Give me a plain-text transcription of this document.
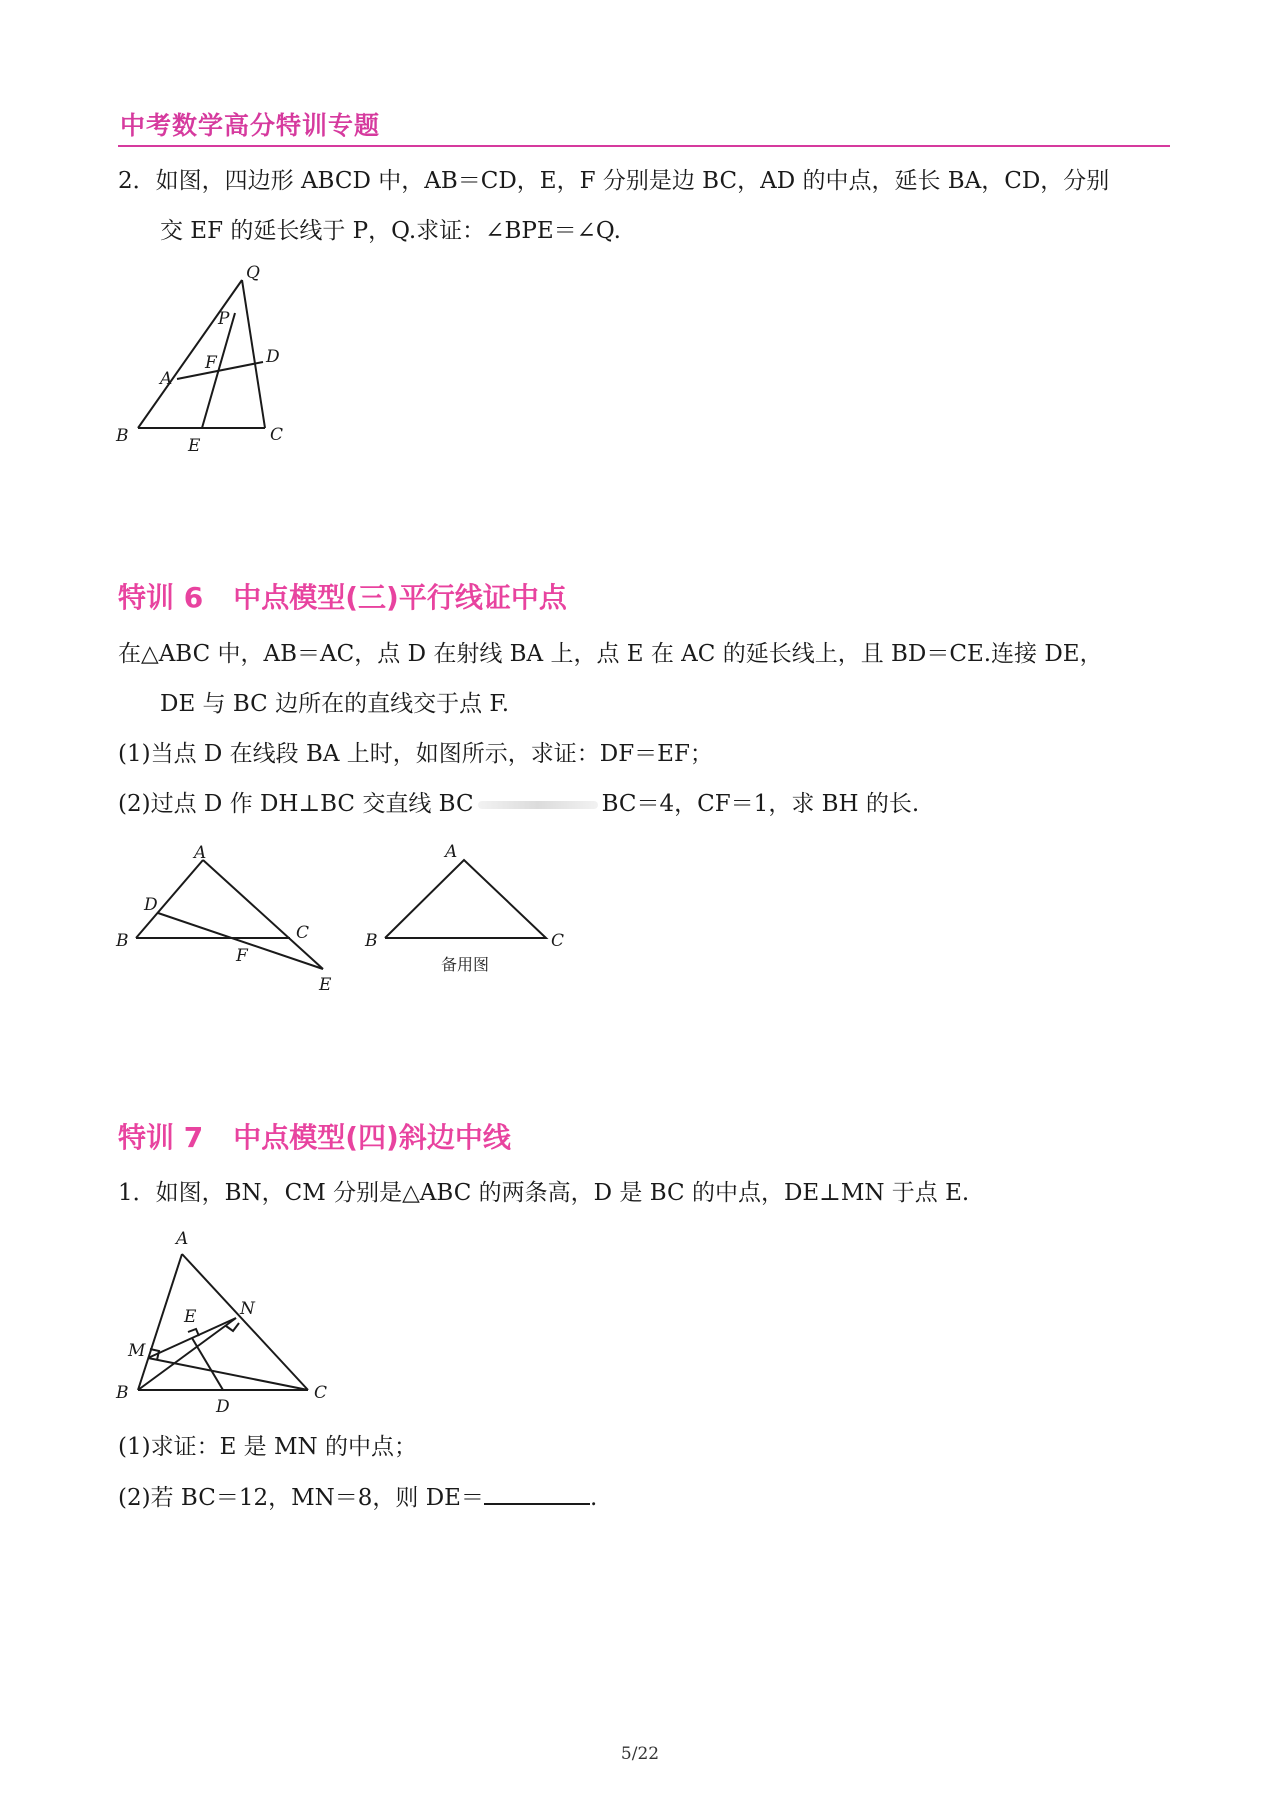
中考数学高分特训专题
2．如图，四边形 ABCD 中，AB＝CD，E，F 分别是边 BC，AD 的中点，延长 BA，CD，分别
交 EF 的延长线于 P，Q.求证：∠BPE＝∠Q.
Q
P
A
F	D
B	E
C
特训 6 中点模型(三)平行线证中点
在△ABC 中，AB＝AC，点 D 在射线 BA 上，点 E 在 AC 的延长线上，且 BD＝CE.连接 DE，
DE 与 BC 边所在的直线交于点 F.
(1)当点 D 在线段 BA 上时，如图所示，求证：DF＝EF；
(2)过点 D 作 DH⊥BC 交直线 BC	BC＝4，CF＝1，求 BH 的长.
A
D
B	C
F
E
A
B	C
备用图
特训 7 中点模型(四)斜边中线
1．如图，BN，CM 分别是△ABC 的两条高，D 是 BC 的中点，DE⊥MN 于点 E.
A
N
E
M
B
D
C
(1)求证：E 是 MN 的中点；
(2)若 BC＝12，MN＝8，则 DE＝	.
5/22
